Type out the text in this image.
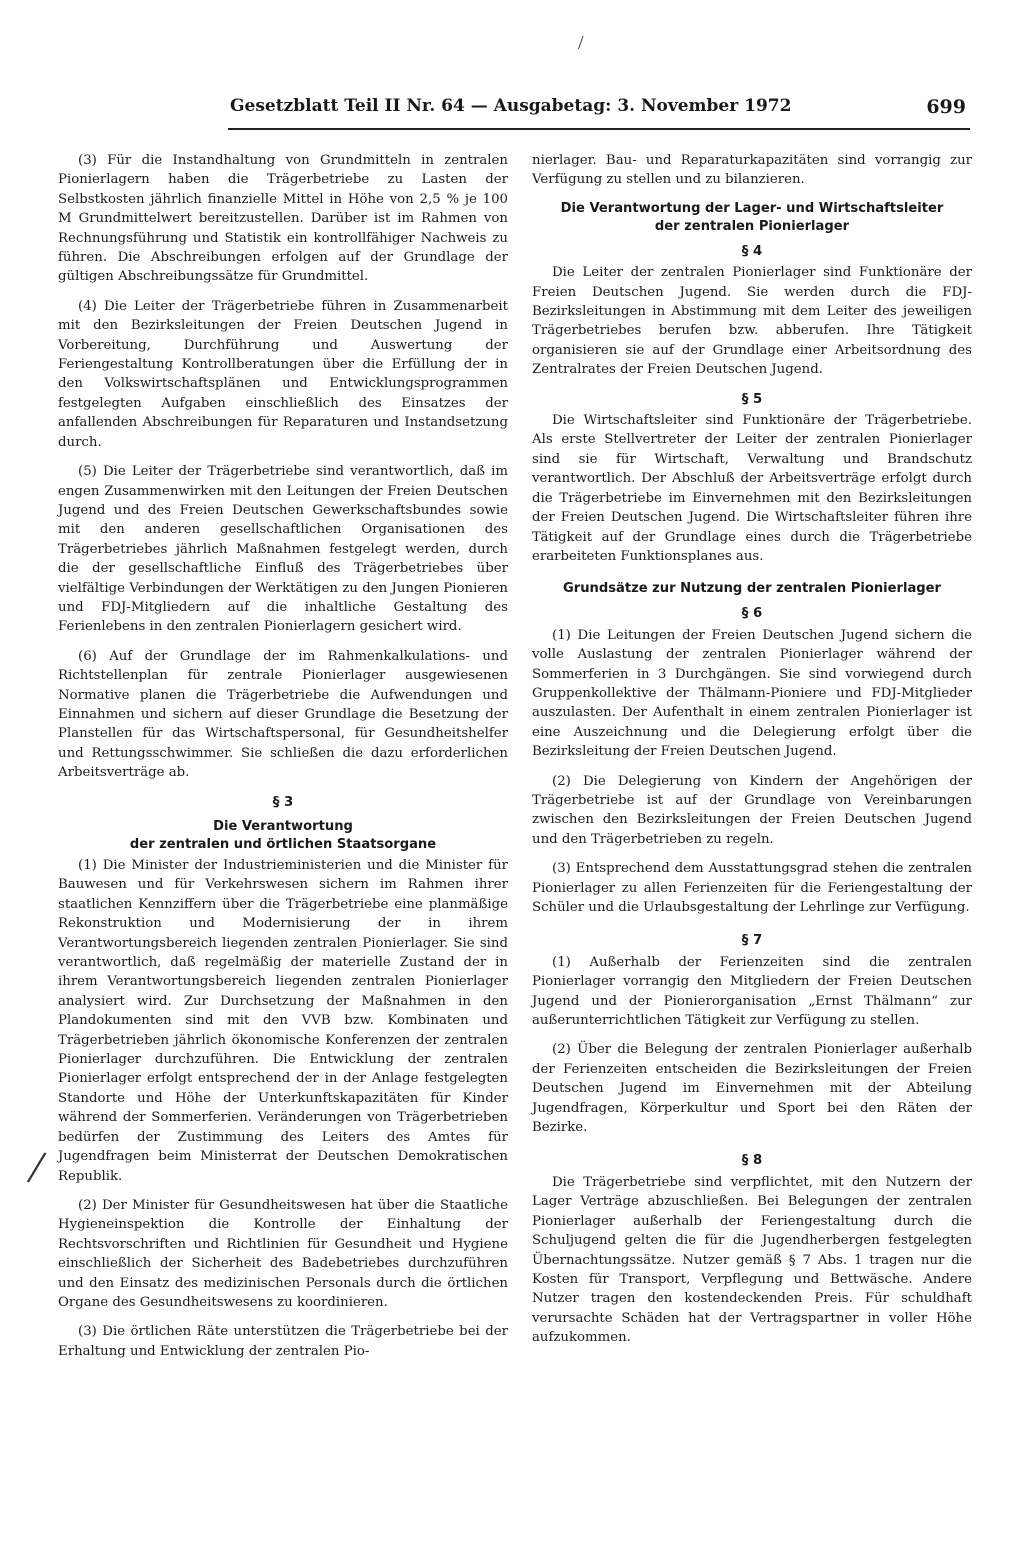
/
Gesetzblatt Teil II Nr. 64 — Ausgabetag: 3. November 1972	699

(3) Für die Instandhaltung von Grundmitteln in zentralen Pionierlagern haben die Trägerbetriebe zu Lasten der Selbstkosten jährlich finanzielle Mittel in Höhe von 2,5 % je 100 M Grundmittelwert bereitzustellen. Darüber ist im Rahmen von Rechnungsführung und Statistik ein kontrollfähiger Nachweis zu führen. Die Abschreibungen erfolgen auf der Grundlage der gültigen Abschreibungssätze für Grundmittel.

(4) Die Leiter der Trägerbetriebe führen in Zusammenarbeit mit den Bezirksleitungen der Freien Deutschen Jugend in Vorbereitung, Durchführung und Auswertung der Feriengestaltung Kontrollberatungen über die Erfüllung der in den Volkswirtschaftsplänen und Entwicklungsprogrammen festgelegten Aufgaben einschließlich des Einsatzes der anfallenden Abschreibungen für Reparaturen und Instandsetzung durch.

(5) Die Leiter der Trägerbetriebe sind verantwortlich, daß im engen Zusammenwirken mit den Leitungen der Freien Deutschen Jugend und des Freien Deutschen Gewerkschaftsbundes sowie mit den anderen gesellschaftlichen Organisationen des Trägerbetriebes jährlich Maßnahmen festgelegt werden, durch die der gesellschaftliche Einfluß des Trägerbetriebes über vielfältige Verbindungen der Werktätigen zu den Jungen Pionieren und FDJ-Mitgliedern auf die inhaltliche Gestaltung des Ferienlebens in den zentralen Pionierlagern gesichert wird.

(6) Auf der Grundlage der im Rahmenkalkulations- und Richtstellenplan für zentrale Pionierlager ausgewiesenen Normative planen die Trägerbetriebe die Aufwendungen und Einnahmen und sichern auf dieser Grundlage die Besetzung der Planstellen für das Wirtschaftspersonal, für Gesundheitshelfer und Rettungsschwimmer. Sie schließen die dazu erforderlichen Arbeitsverträge ab.

§ 3
Die Verantwortung
der zentralen und örtlichen Staatsorgane

(1) Die Minister der Industrieministerien und die Minister für Bauwesen und für Verkehrswesen sichern im Rahmen ihrer staatlichen Kennziffern über die Trägerbetriebe eine planmäßige Rekonstruktion und Modernisierung der in ihrem Verantwortungsbereich liegenden zentralen Pionierlager. Sie sind verantwortlich, daß regelmäßig der materielle Zustand der in ihrem Verantwortungsbereich liegenden zentralen Pionierlager analysiert wird. Zur Durchsetzung der Maßnahmen in den Plandokumenten sind mit den VVB bzw. Kombinaten und Trägerbetrieben jährlich ökonomische Konferenzen der zentralen Pionierlager durchzuführen. Die Entwicklung der zentralen Pionierlager erfolgt entsprechend der in der Anlage festgelegten Standorte und Höhe der Unterkunftskapazitäten für Kinder während der Sommerferien. Veränderungen von Trägerbetrieben bedürfen der Zustimmung des Leiters des Amtes für Jugendfragen beim Ministerrat der Deutschen Demokratischen Republik.

(2) Der Minister für Gesundheitswesen hat über die Staatliche Hygieneinspektion die Kontrolle der Einhaltung der Rechtsvorschriften und Richtlinien für Gesundheit und Hygiene einschließlich der Sicherheit des Badebetriebes durchzuführen und den Einsatz des medizinischen Personals durch die örtlichen Organe des Gesundheitswesens zu koordinieren.

(3) Die örtlichen Räte unterstützen die Trägerbetriebe bei der Erhaltung und Entwicklung der zentralen Pio-

/

nierlager. Bau- und Reparaturkapazitäten sind vorrangig zur Verfügung zu stellen und zu bilanzieren.

Die Verantwortung der Lager- und Wirtschaftsleiter
der zentralen Pionierlager
§ 4

Die Leiter der zentralen Pionierlager sind Funktionäre der Freien Deutschen Jugend. Sie werden durch die FDJ-Bezirksleitungen in Abstimmung mit dem Leiter des jeweiligen Trägerbetriebes berufen bzw. abberufen. Ihre Tätigkeit organisieren sie auf der Grundlage einer Arbeitsordnung des Zentralrates der Freien Deutschen Jugend.

§ 5

Die Wirtschaftsleiter sind Funktionäre der Trägerbetriebe. Als erste Stellvertreter der Leiter der zentralen Pionierlager sind sie für Wirtschaft, Verwaltung und Brandschutz verantwortlich. Der Abschluß der Arbeitsverträge erfolgt durch die Trägerbetriebe im Einvernehmen mit den Bezirksleitungen der Freien Deutschen Jugend. Die Wirtschaftsleiter führen ihre Tätigkeit auf der Grundlage eines durch die Trägerbetriebe erarbeiteten Funktionsplanes aus.

Grundsätze zur Nutzung der zentralen Pionierlager
§ 6

(1) Die Leitungen der Freien Deutschen Jugend sichern die volle Auslastung der zentralen Pionierlager während der Sommerferien in 3 Durchgängen. Sie sind vorwiegend durch Gruppenkollektive der Thälmann-Pioniere und FDJ-Mitglieder auszulasten. Der Aufenthalt in einem zentralen Pionierlager ist eine Auszeichnung und die Delegierung erfolgt über die Bezirksleitung der Freien Deutschen Jugend.

(2) Die Delegierung von Kindern der Angehörigen der Trägerbetriebe ist auf der Grundlage von Vereinbarungen zwischen den Bezirksleitungen der Freien Deutschen Jugend und den Trägerbetrieben zu regeln.

(3) Entsprechend dem Ausstattungsgrad stehen die zentralen Pionierlager zu allen Ferienzeiten für die Feriengestaltung der Schüler und die Urlaubsgestaltung der Lehrlinge zur Verfügung.

§ 7

(1) Außerhalb der Ferienzeiten sind die zentralen Pionierlager vorrangig den Mitgliedern der Freien Deutschen Jugend und der Pionierorganisation „Ernst Thälmann“ zur außerunterrichtlichen Tätigkeit zur Verfügung zu stellen.

(2) Über die Belegung der zentralen Pionierlager außerhalb der Ferienzeiten entscheiden die Bezirksleitungen der Freien Deutschen Jugend im Einvernehmen mit der Abteilung Jugendfragen, Körperkultur und Sport bei den Räten der Bezirke.

§ 8

Die Trägerbetriebe sind verpflichtet, mit den Nutzern der Lager Verträge abzuschließen. Bei Belegungen der zentralen Pionierlager außerhalb der Feriengestaltung durch die Schuljugend gelten die für die Jugendherbergen festgelegten Übernachtungssätze. Nutzer gemäß § 7 Abs. 1 tragen nur die Kosten für Transport, Verpflegung und Bettwäsche. Andere Nutzer tragen den kostendeckenden Preis. Für schuldhaft verursachte Schäden hat der Vertragspartner in voller Höhe aufzukommen.
